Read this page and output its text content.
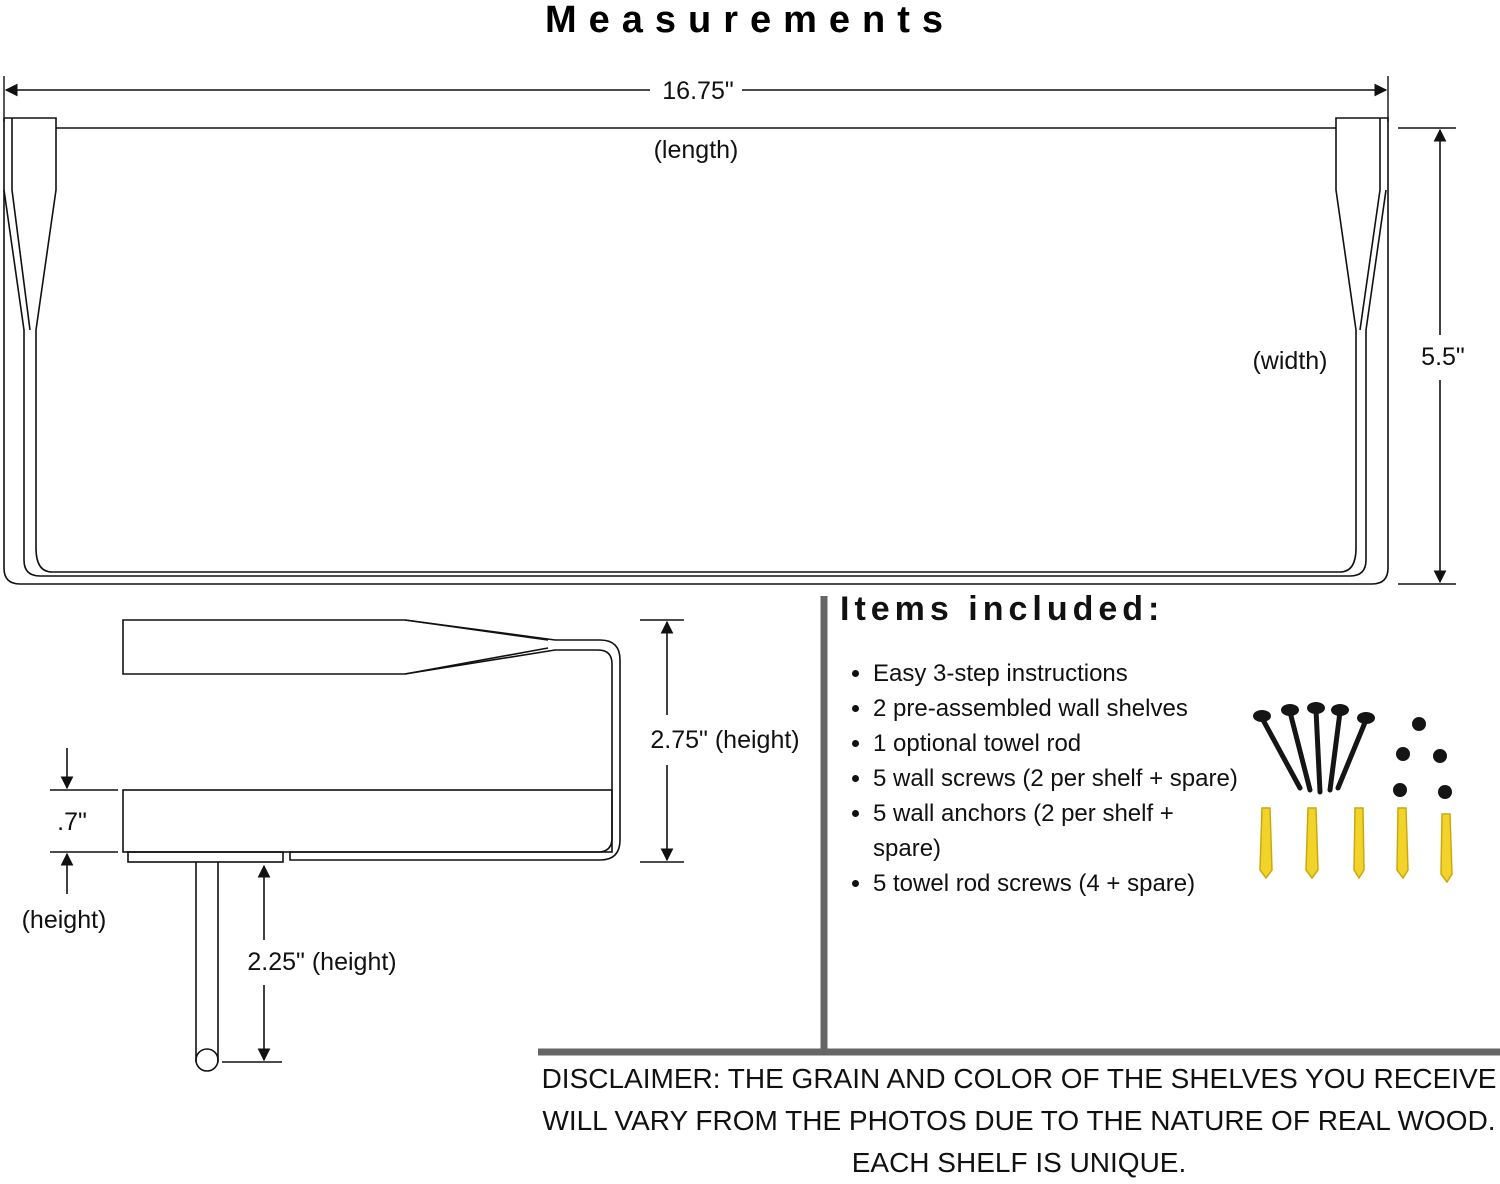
Measurements
16.75"
(length)
(width)	5.5"
2.75" (height)
.7"
(height)
2.25" (height)
Items included:
• Easy 3-step instructions
• 2 pre-assembled wall shelves
• 1 optional towel rod
• 5 wall screws (2 per shelf + spare)
• 5 wall anchors (2 per shelf + spare)
• 5 towel rod screws (4 + spare)
DISCLAIMER: THE GRAIN AND COLOR OF THE SHELVES YOU RECEIVE WILL VARY FROM THE PHOTOS DUE TO THE NATURE OF REAL WOOD. EACH SHELF IS UNIQUE.
